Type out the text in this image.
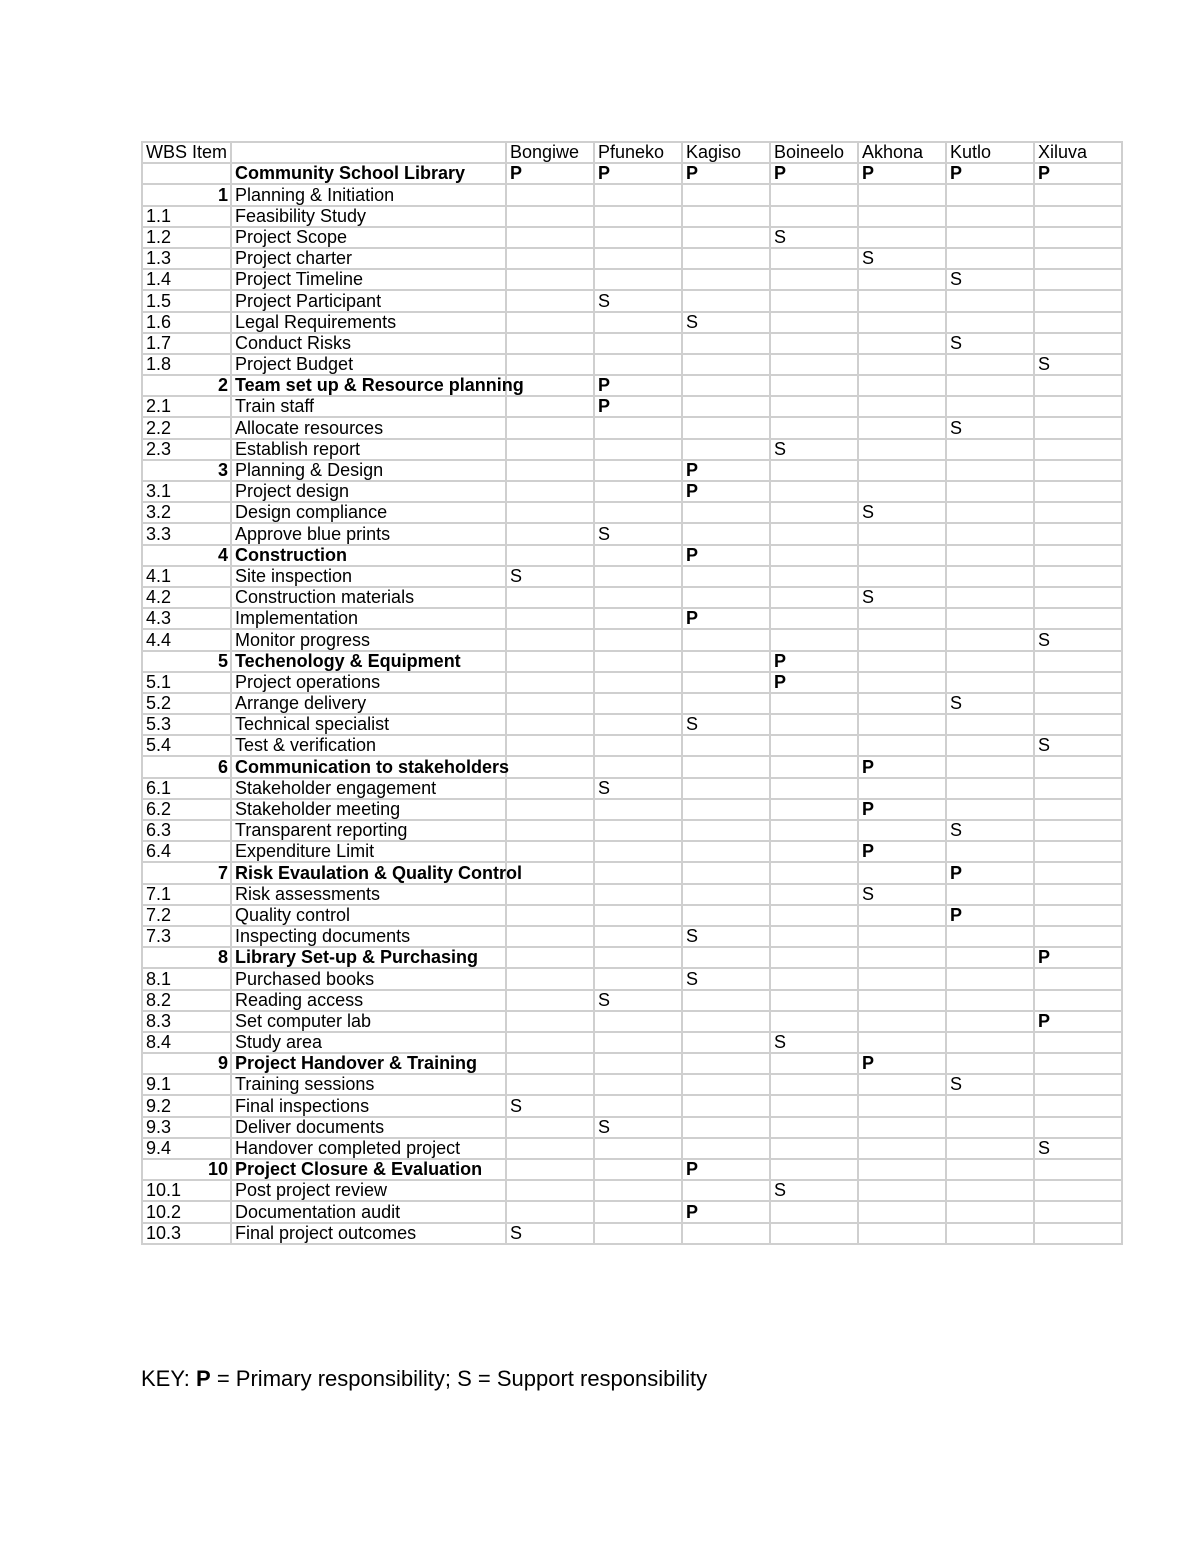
WBS Item		Bongiwe	Pfuneko	Kagiso	Boineelo	Akhona	Kutlo	Xiluva
	Community School Library	P	P	P	P	P	P	P
1	Planning & Initiation							
1.1	Feasibility Study							
1.2	Project Scope				S			
1.3	Project charter					S		
1.4	Project Timeline						S	
1.5	Project Participant		S					
1.6	Legal Requirements			S				
1.7	Conduct Risks						S	
1.8	Project Budget							S
2	Team set up & Resource planning		P					
2.1	Train staff		P					
2.2	Allocate resources						S	
2.3	Establish report				S			
3	Planning & Design			P				
3.1	Project design			P				
3.2	Design compliance					S		
3.3	Approve blue prints		S					
4	Construction			P				
4.1	Site inspection	S						
4.2	Construction materials					S		
4.3	Implementation			P				
4.4	Monitor progress							S
5	Techenology & Equipment				P			
5.1	Project operations				P			
5.2	Arrange delivery						S	
5.3	Technical specialist			S				
5.4	Test & verification							S
6	Communication to stakeholders					P		
6.1	Stakeholder engagement		S					
6.2	Stakeholder meeting					P		
6.3	Transparent reporting						S	
6.4	Expenditure Limit					P		
7	Risk Evaulation & Quality Control						P	
7.1	Risk assessments					S		
7.2	Quality control						P	
7.3	Inspecting documents			S				
8	Library Set-up & Purchasing							P
8.1	Purchased books			S				
8.2	Reading access		S					
8.3	Set computer lab							P
8.4	Study area				S			
9	Project Handover & Training					P		
9.1	Training sessions						S	
9.2	Final inspections	S						
9.3	Deliver documents		S					
9.4	Handover completed project							S
10	Project Closure & Evaluation			P				
10.1	Post project review				S			
10.2	Documentation audit			P				
10.3	Final project outcomes	S						
KEY: P = Primary responsibility; S = Support responsibility
